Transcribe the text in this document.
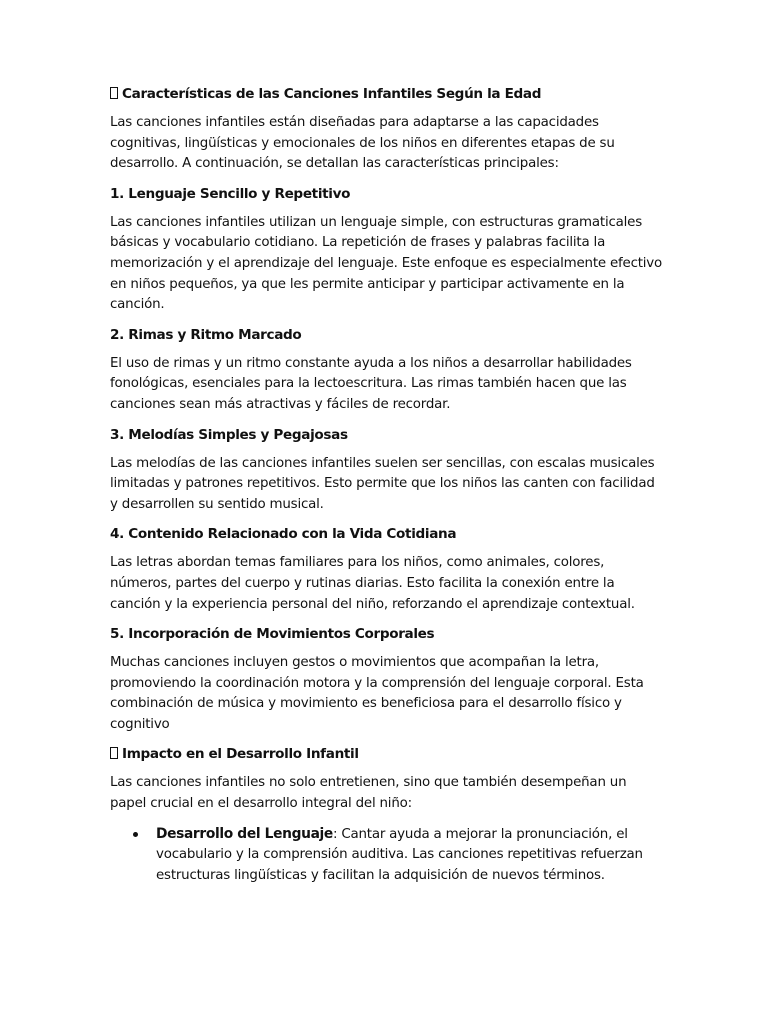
Características de las Canciones Infantiles Según la Edad

Las canciones infantiles están diseñadas para adaptarse a las capacidades cognitivas, lingüísticas y emocionales de los niños en diferentes etapas de su desarrollo. A continuación, se detallan las características principales:

1. Lenguaje Sencillo y Repetitivo

Las canciones infantiles utilizan un lenguaje simple, con estructuras gramaticales básicas y vocabulario cotidiano. La repetición de frases y palabras facilita la memorización y el aprendizaje del lenguaje. Este enfoque es especialmente efectivo en niños pequeños, ya que les permite anticipar y participar activamente en la canción.

2. Rimas y Ritmo Marcado

El uso de rimas y un ritmo constante ayuda a los niños a desarrollar habilidades fonológicas, esenciales para la lectoescritura. Las rimas también hacen que las canciones sean más atractivas y fáciles de recordar.

3. Melodías Simples y Pegajosas

Las melodías de las canciones infantiles suelen ser sencillas, con escalas musicales limitadas y patrones repetitivos. Esto permite que los niños las canten con facilidad y desarrollen su sentido musical.

4. Contenido Relacionado con la Vida Cotidiana

Las letras abordan temas familiares para los niños, como animales, colores, números, partes del cuerpo y rutinas diarias. Esto facilita la conexión entre la canción y la experiencia personal del niño, reforzando el aprendizaje contextual.

5. Incorporación de Movimientos Corporales

Muchas canciones incluyen gestos o movimientos que acompañan la letra, promoviendo la coordinación motora y la comprensión del lenguaje corporal. Esta combinación de música y movimiento es beneficiosa para el desarrollo físico y cognitivo

Impacto en el Desarrollo Infantil

Las canciones infantiles no solo entretienen, sino que también desempeñan un papel crucial en el desarrollo integral del niño:

Desarrollo del Lenguaje: Cantar ayuda a mejorar la pronunciación, el vocabulario y la comprensión auditiva. Las canciones repetitivas refuerzan estructuras lingüísticas y facilitan la adquisición de nuevos términos.
